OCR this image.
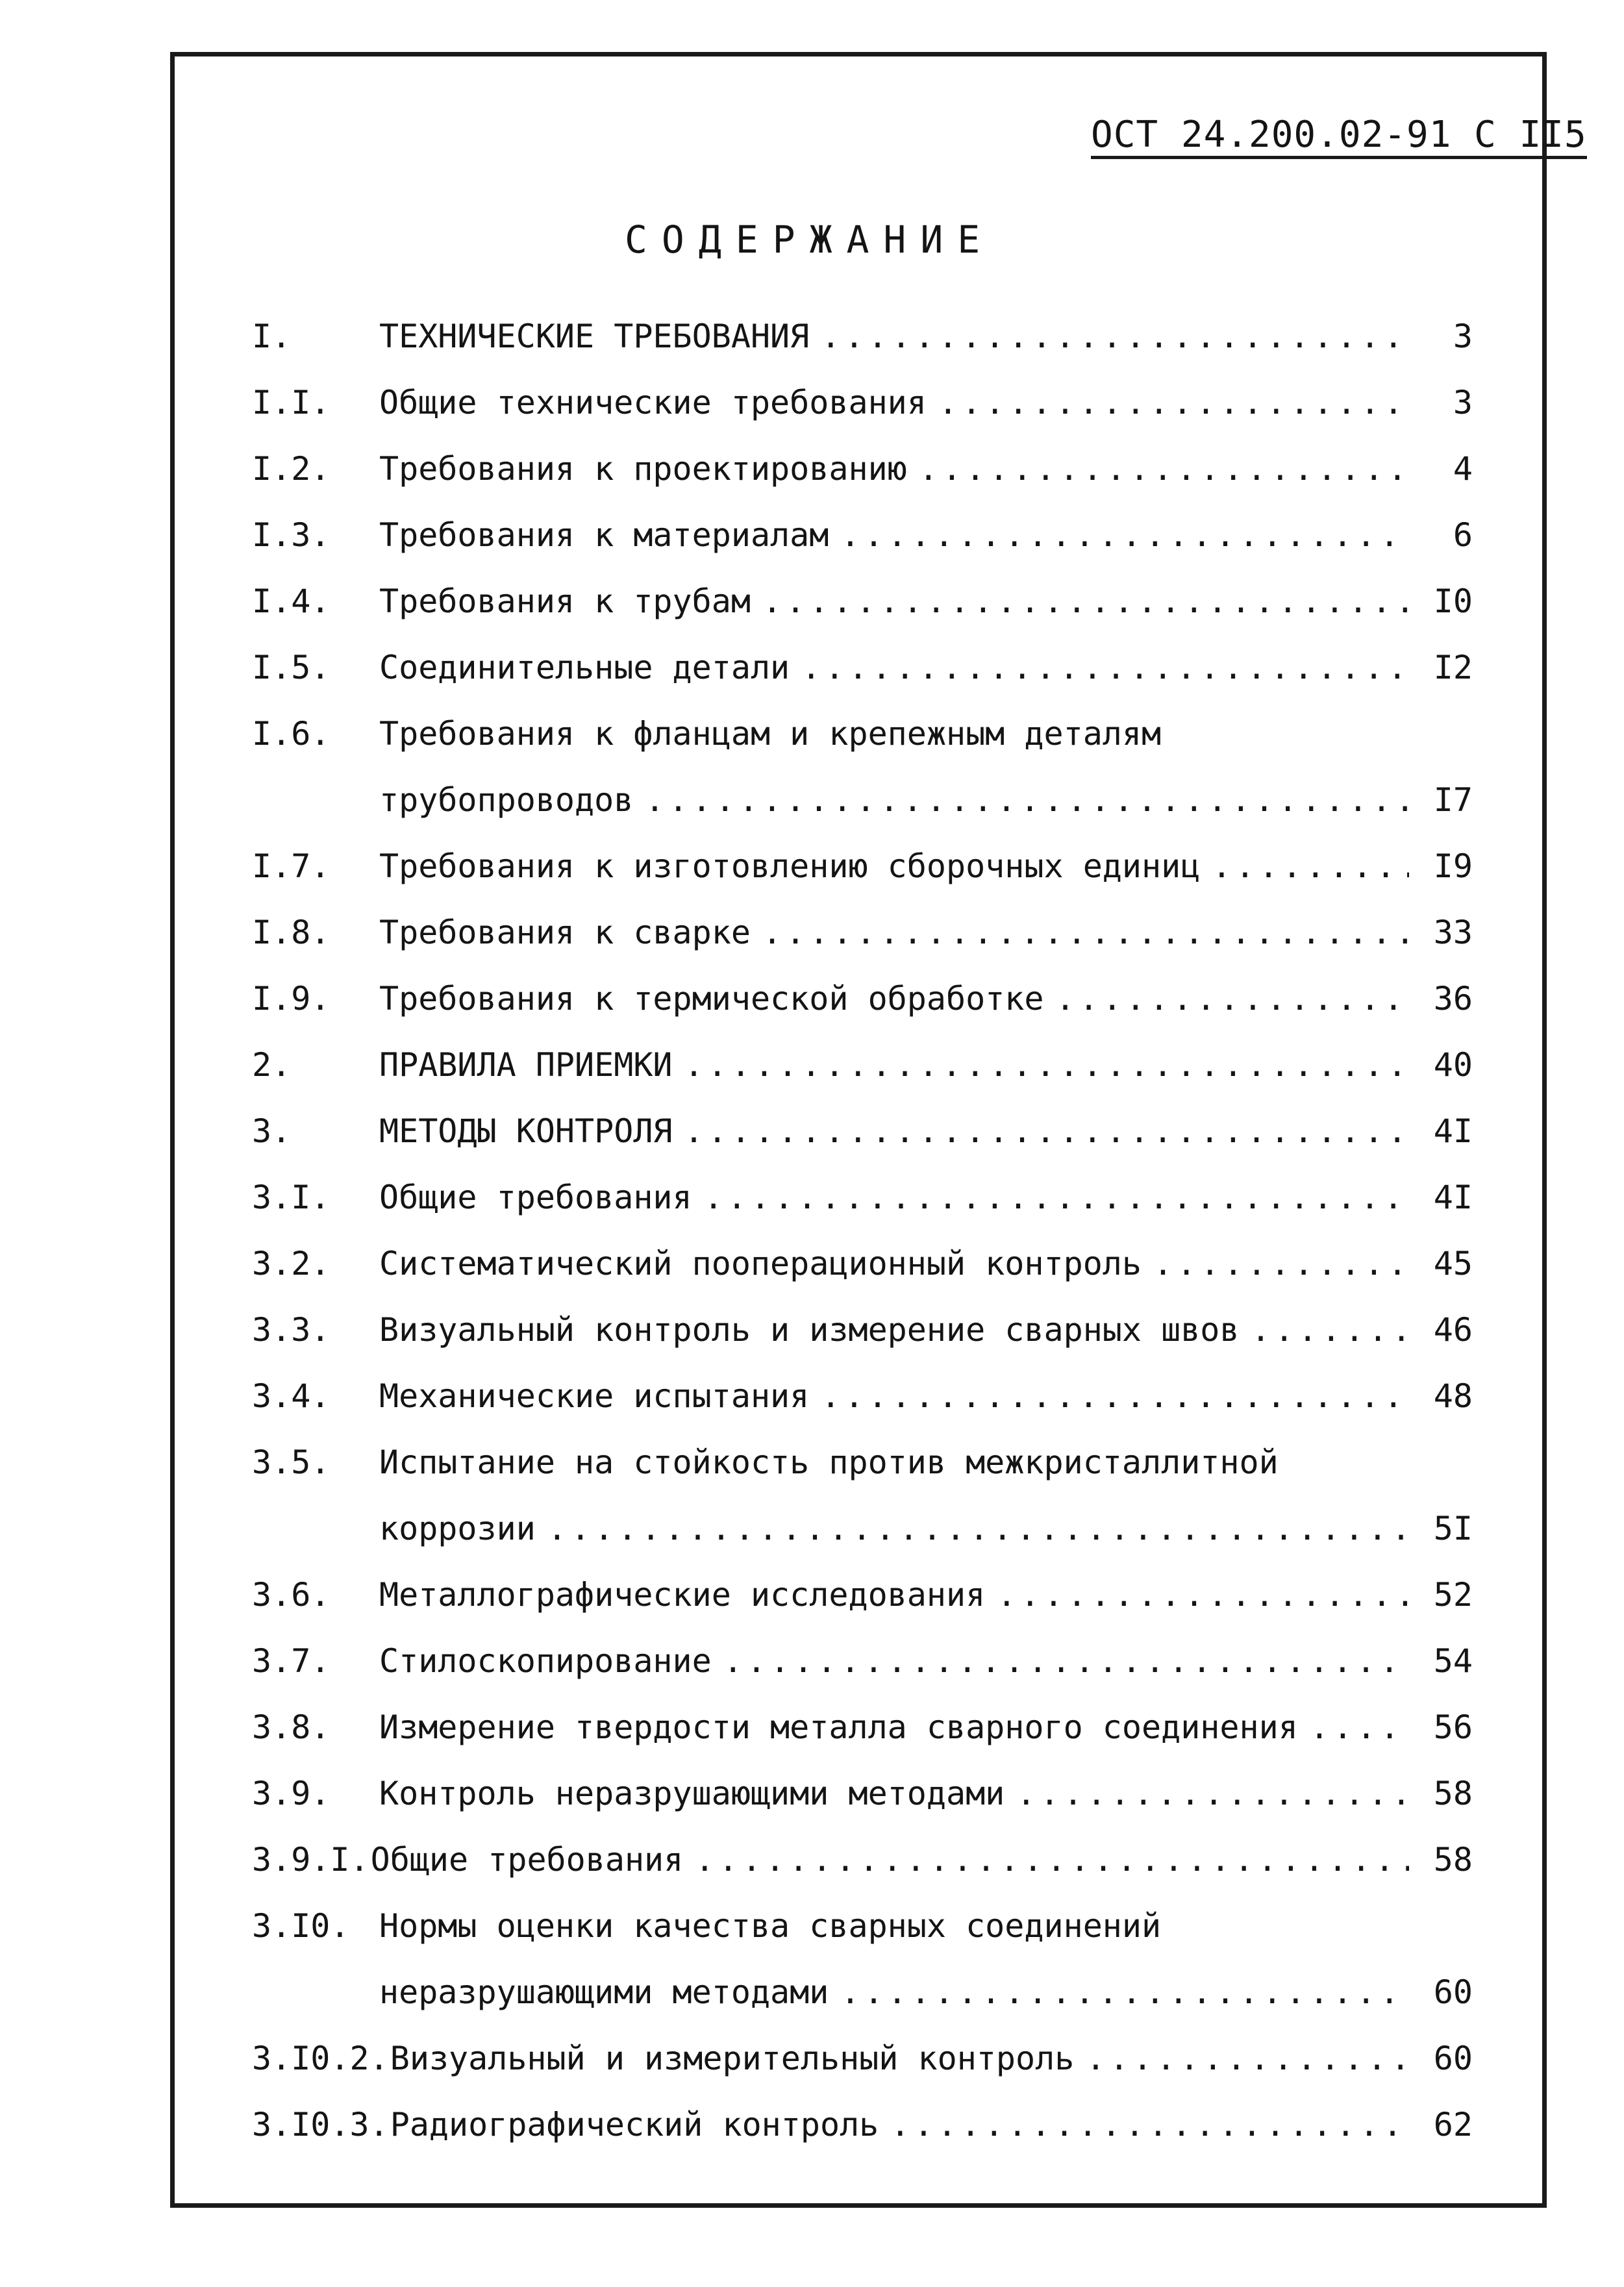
ОСТ 24.200.02-91 С II5
СОДЕРЖАНИЕ
I.	ТЕХНИЧЕСКИЕ ТРЕБОВАНИЯ .....	3
I.I.	Общие технические требования .....	3
I.2.	Требования к проектированию .....	4
I.3.	Требования к материалам .....	6
I.4.	Требования к трубам .....	I0
I.5.	Соединительные детали .....	I2
I.6.	Требования к фланцам и крепежным деталям
трубопроводов .....	I7
I.7.	Требования к изготовлению сборочных единиц .....	I9
I.8.	Требования к сварке .....	33
I.9.	Требования к термической обработке .....	36
2.	ПРАВИЛА ПРИЕМКИ .....	40
3.	МЕТОДЫ КОНТРОЛЯ .....	4I
3.I.	Общие требования .....	4I
3.2.	Систематический пооперационный контроль .....	45
3.3.	Визуальный контроль и измерение сварных швов .....	46
3.4.	Механические испытания .....	48
3.5.	Испытание на стойкость против межкристаллитной
коррозии .....	5I
3.6.	Металлографические исследования .....	52
3.7.	Стилоскопирование .....	54
3.8.	Измерение твердости металла сварного соединения .....	56
3.9.	Контроль неразрушающими методами .....	58
3.9.I. Общие требования .....	58
3.I0. Нормы оценки качества сварных соединений
неразрушающими методами .....	60
3.I0.2. Визуальный и измерительный контроль .....	60
3.I0.3. Радиографический контроль .....	62
